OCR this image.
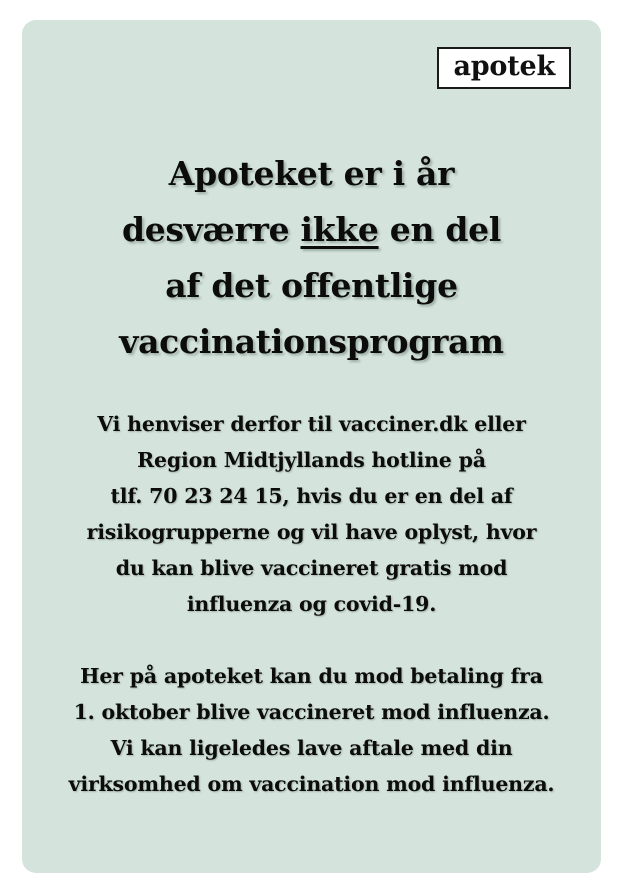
apotek
Apoteket er i år
desværre ikke en del
af det offentlige
vaccinationsprogram

Vi henviser derfor til vacciner.dk eller
Region Midtjyllands hotline på
tlf. 70 23 24 15, hvis du er en del af
risikogrupperne og vil have oplyst, hvor
du kan blive vaccineret gratis mod
influenza og covid-19.

Her på apoteket kan du mod betaling fra
1. oktober blive vaccineret mod influenza.
Vi kan ligeledes lave aftale med din
virksomhed om vaccination mod influenza.
